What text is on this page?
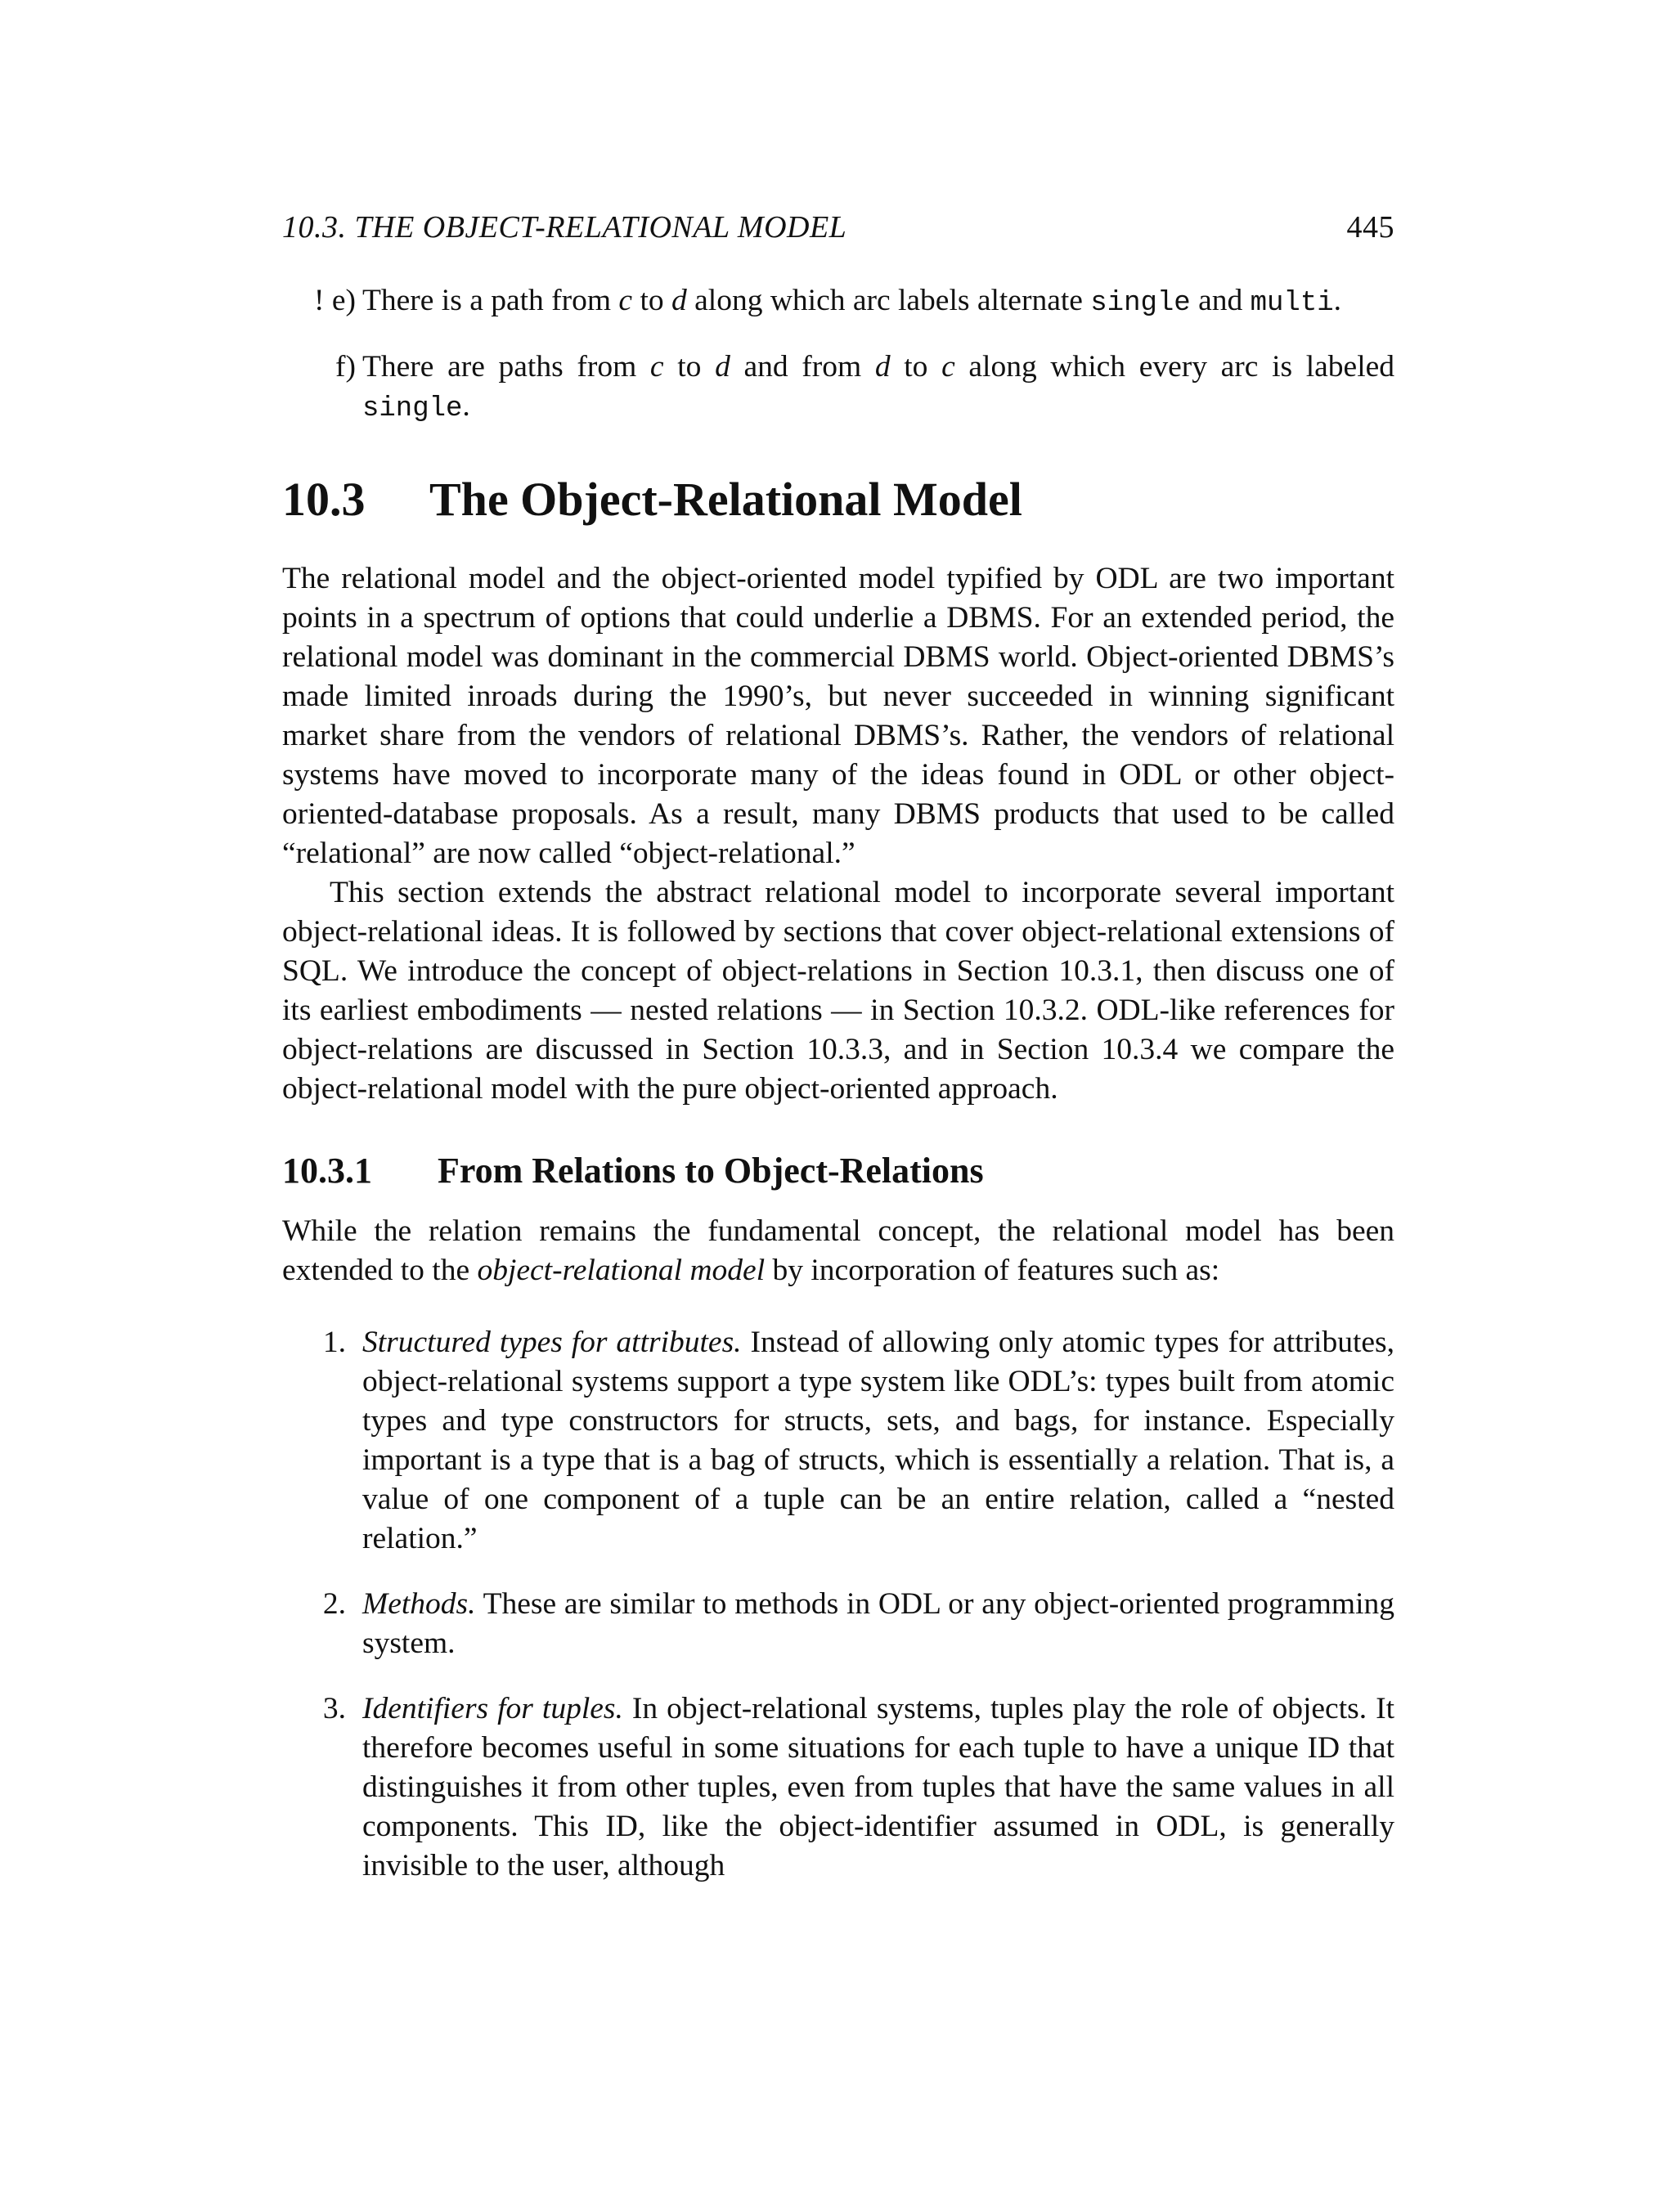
10.3. THE OBJECT-RELATIONAL MODEL	445
! e) There is a path from c to d along which arc labels alternate single and multi.

f) There are paths from c to d and from d to c along which every arc is labeled single.

10.3 The Object-Relational Model

The relational model and the object-oriented model typified by ODL are two important points in a spectrum of options that could underlie a DBMS. For an extended period, the relational model was dominant in the commercial DBMS world. Object-oriented DBMS’s made limited inroads during the 1990’s, but never succeeded in winning significant market share from the vendors of relational DBMS’s. Rather, the vendors of relational systems have moved to incorporate many of the ideas found in ODL or other object-oriented-database proposals. As a result, many DBMS products that used to be called “relational” are now called “object-relational.”

This section extends the abstract relational model to incorporate several important object-relational ideas. It is followed by sections that cover object-relational extensions of SQL. We introduce the concept of object-relations in Section 10.3.1, then discuss one of its earliest embodiments — nested relations — in Section 10.3.2. ODL-like references for object-relations are discussed in Section 10.3.3, and in Section 10.3.4 we compare the object-relational model with the pure object-oriented approach.

10.3.1 From Relations to Object-Relations

While the relation remains the fundamental concept, the relational model has been extended to the object-relational model by incorporation of features such as:

1. Structured types for attributes. Instead of allowing only atomic types for attributes, object-relational systems support a type system like ODL’s: types built from atomic types and type constructors for structs, sets, and bags, for instance. Especially important is a type that is a bag of structs, which is essentially a relation. That is, a value of one component of a tuple can be an entire relation, called a “nested relation.”
2. Methods. These are similar to methods in ODL or any object-oriented programming system.
3. Identifiers for tuples. In object-relational systems, tuples play the role of objects. It therefore becomes useful in some situations for each tuple to have a unique ID that distinguishes it from other tuples, even from tuples that have the same values in all components. This ID, like the object-identifier assumed in ODL, is generally invisible to the user, although
